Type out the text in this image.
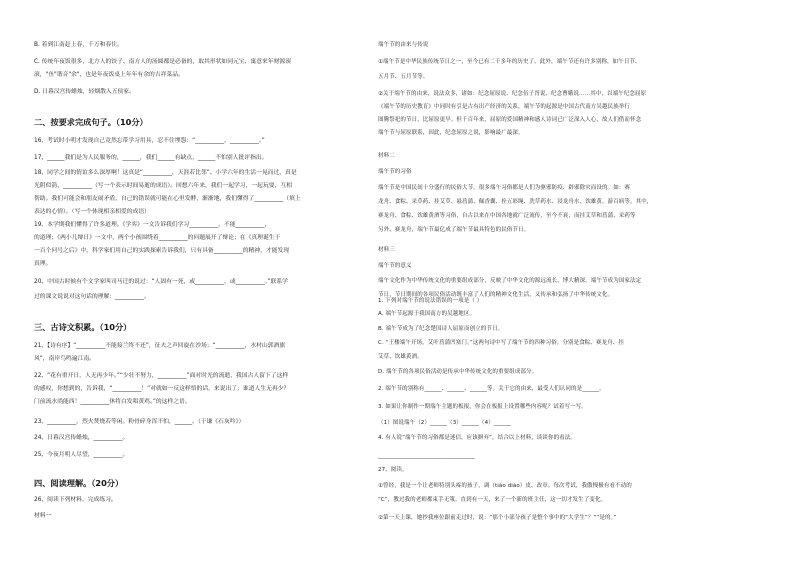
B. 着到江南赶上春，千万和春住。
C. 传统年夜饭很多，北方人的饺子、南方人的汤圆都是必备的，取其形状如同元宝，寓意来年财源滚
滚，"鱼"谐音"余"，也是年夜饭桌上年年有余的吉祥菜品。
D. 日暮汉宫传蜡烛，轻烟散入五侯家。
二、按要求完成句子。（10分）
16、考试时小明才发现自己竟然忘带学习用具，忍不住埋怨：“__________，__________。”
17、______我们是为人民服务的，______，我们______有缺点，______不怕别人批评指出。
18、同学之间的情谊多么深厚啊！这真是“__________，天涯若比邻”。小学六年的生活一晃而过，真是
光阴似箭，__________（写一个表示时间易逝的成语）。回想六年来，我们一起学习，一起玩耍，互相
帮助。我们可能会和朋友闹矛盾，自己的错误就可能在心里发酵，渐渐地，我们懂得了__________（填上
表达的心情）。（写一个体现相亲相爱的成语）
19、本学期我们懂得了许多道理。《学弈》一文告诉我们学习__________，不能__________，
的道理；《两小儿辩日》一文中，两个小孩围绕着__________的问题展开了辩论；在《真理诞生于
一百个问号之后》中，科学家们用自己的实践探索告诉我们，只有具备__________的精神，才能发现
真理。
20、中国古时候有个文学家叫司马迁的说过：“人固有一死，或__________，或__________。”联系学
过的课文说说对这句话的理解：__________。
三、古诗文积累。（10分）
21、【诗有序】“__________不能接兰终不还”，征夫之声回旋在沙场；“__________，水村山郭酒旗
风”，南岸鸟鸣遍江南。
22、“花有重开日，人无再少年。”“少壮不努力，__________”面对时光的流逝，我国古人留下了这样
的感叹，你想到的，告诉我，“__________！”对就如一反这样悟的话，来说出了：谁道人生无再少？
门前流水尚能西！__________休将白发唱黄鸡。”的这样之语。
23、__________，烈火焚烧若等闲。粉骨碎身浑不怕，______。（于谦《石灰吟》）
24、日暮汉宫传蜡烛，__________。
25、今夜月明人尽望，__________。
四、阅读理解。（20分）
26、阅读下列材料，完成练习。
材料一
端午节的由来与传说
①端午节是中华民族传统节日之一，至今已有二千多年的历史了。此外，端午节还有许多别称，如午日节、
五月节、五月节等。
②关于端午节的由来，说法众多，诸如：纪念屈原说、纪念伍子胥说、纪念曹娥说……其中，以端午纪念屈原
《端午节的历史教育》中同时有引是古有出产经济的关系，端午节的起源是中国古代南方吴越民族举行
图腾祭祀的节日，比屈原更早。但千百年来，屈原的爱国精神和感人诗词已广泛深入人心，故人们借而怀念
端午节与屈原联系，因此，纪念屈原之说，影响最广最深。
材料二
端午节的习俗
端午节是中国民间十分盛行的民俗大节。很多端午习俗都是人们为驱邪防疫、辟邪除灾而设的。如：赛
龙舟、食粽、采草药、挂艾草、悬菖蒲、佩香囊、拴五彩绳、洗草药水、浸龙舟水、饮雄黄、游百病等。其中，
赛龙舟、食粽、饮雄黄酒等习俗，自古以来在中国各地就广泛流传，至今不衰；而挂艾草和菖蒲、采药等
另外，赛龙舟，端午节最亿成了端午节最具特色的民俗节日。
材料三
端午节的意义
端午文化作为中华传统文化的重要组成部分，反映了中华文化的源远流长、博大精深。端午节成为国家法定
节日，节日期间的各项民俗活动既丰富了人们的精神文化生活，又传承和弘扬了中华传统文化。
1. 下列对端午节的说法错误的一项是（ ）
A. 端午节起源于我国南方的吴越地区。
B. 端午节成为了纪念楚国诗人屈原而创立的节日。
C. “王楼端午开场，艾叶菖蒲凹塞门。”这两句诗中写了端午节的四种习俗。分别是食粽、赛龙舟、挂
艾草、饮雄黄酒。
D. 端午节的各项民俗活动是传承中华传统文化的重要组成部分。
2. 端午节的别称有______、______、______等。关于它的由来，最受人们认同的是______。
3. 如果让你制作一期端午主题的板报，你会在板报上设置哪些内容呢？试着写一写。
（1）图说端午（2）______（3）______（4）______
4. 有人说“端午节的习俗都是迷信，应该摒弃”，结合以上材料，谈谈你的看法。
__________________________________
27、阅读。
①曾经，我是一个让老师特别头疼的孩子，调（tiáo diào）皮、改章。每次考试，我傲慢极有看不动的
“C”，教过我的老师都束手无策。直到有一天，来了一个新的班主任，这一切才发生了变化。
②第一天上课，她抄我座位跟前走过时，说：“那个小部分孩子是整个事中的“大学生”？”“是的。”
